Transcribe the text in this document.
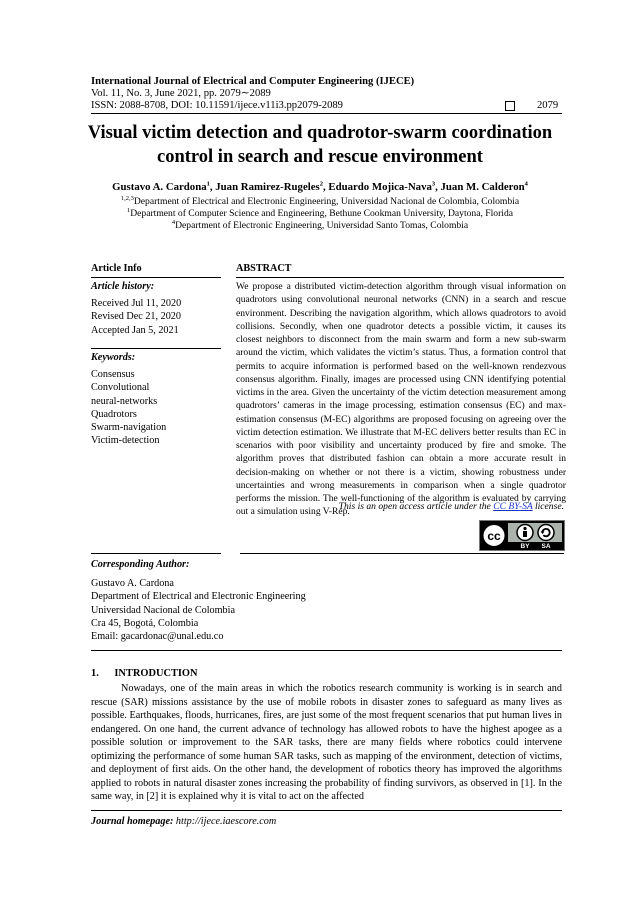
International Journal of Electrical and Computer Engineering (IJECE)
Vol. 11, No. 3, June 2021, pp. 2079∼2089
ISSN: 2088-8708, DOI: 10.11591/ijece.v11i3.pp2079-2089	2079
Visual victim detection and quadrotor-swarm coordination control in search and rescue environment
Gustavo A. Cardona$^1$, Juan Ramirez-Rugeles$^2$, Eduardo Mojica-Nava$^3$, Juan M. Calderon$^4$
$^{1,2,3}$Department of Electrical and Electronic Engineering, Universidad Nacional de Colombia, Colombia
$^1$Department of Computer Science and Engineering, Bethune Cookman University, Daytona, Florida
$^4$Department of Electronic Engineering, Universidad Santo Tomas, Colombia
Article Info
Article history:
Received Jul 11, 2020
Revised Dec 21, 2020
Accepted Jan 5, 2021
Keywords:
Consensus
Convolutional
neural-networks
Quadrotors
Swarm-navigation
Victim-detection
ABSTRACT
We propose a distributed victim-detection algorithm through visual information on quadrotors using convolutional neuronal networks (CNN) in a search and rescue environment. Describing the navigation algorithm, which allows quadrotors to avoid collisions. Secondly, when one quadrotor detects a possible victim, it causes its closest neighbors to disconnect from the main swarm and form a new sub-swarm around the victim, which validates the victim’s status. Thus, a formation control that permits to acquire information is performed based on the well-known rendezvous consensus algorithm. Finally, images are processed using CNN identifying potential victims in the area. Given the uncertainty of the victim detection measurement among quadrotors’ cameras in the image processing, estimation consensus (EC) and max-estimation consensus (M-EC) algorithms are proposed focusing on agreeing over the victim detection estimation. We illustrate that M-EC delivers better results than EC in scenarios with poor visibility and uncertainty produced by fire and smoke. The algorithm proves that distributed fashion can obtain a more accurate result in decision-making on whether or not there is a victim, showing robustness under uncertainties and wrong measurements in comparison when a single quadrotor performs the mission. The well-functioning of the algorithm is evaluated by carrying out a simulation using V-Rep.
This is an open access article under the CC BY-SA license.
cc
BY SA
Corresponding Author:
Gustavo A. Cardona
Department of Electrical and Electronic Engineering
Universidad Nacional de Colombia
Cra 45, Bogotá, Colombia
Email: gacardonac@unal.edu.co
1.      INTRODUCTION
Nowadays, one of the main areas in which the robotics research community is working is in search and rescue (SAR) missions assistance by the use of mobile robots in disaster zones to safeguard as many lives as possible. Earthquakes, floods, hurricanes, fires, are just some of the most frequent scenarios that put human lives in endangered. On one hand, the current advance of technology has allowed robots to have the highest apogee as a possible solution or improvement to the SAR tasks, there are many fields where robotics could intervene optimizing the performance of some human SAR tasks, such as mapping of the environment, detection of victims, and deployment of first aids. On the other hand, the development of robotics theory has improved the algorithms applied to robots in natural disaster zones increasing the probability of finding survivors, as observed in [1]. In the same way, in [2] it is explained why it is vital to act on the affected
Journal homepage: http://ijece.iaescore.com
